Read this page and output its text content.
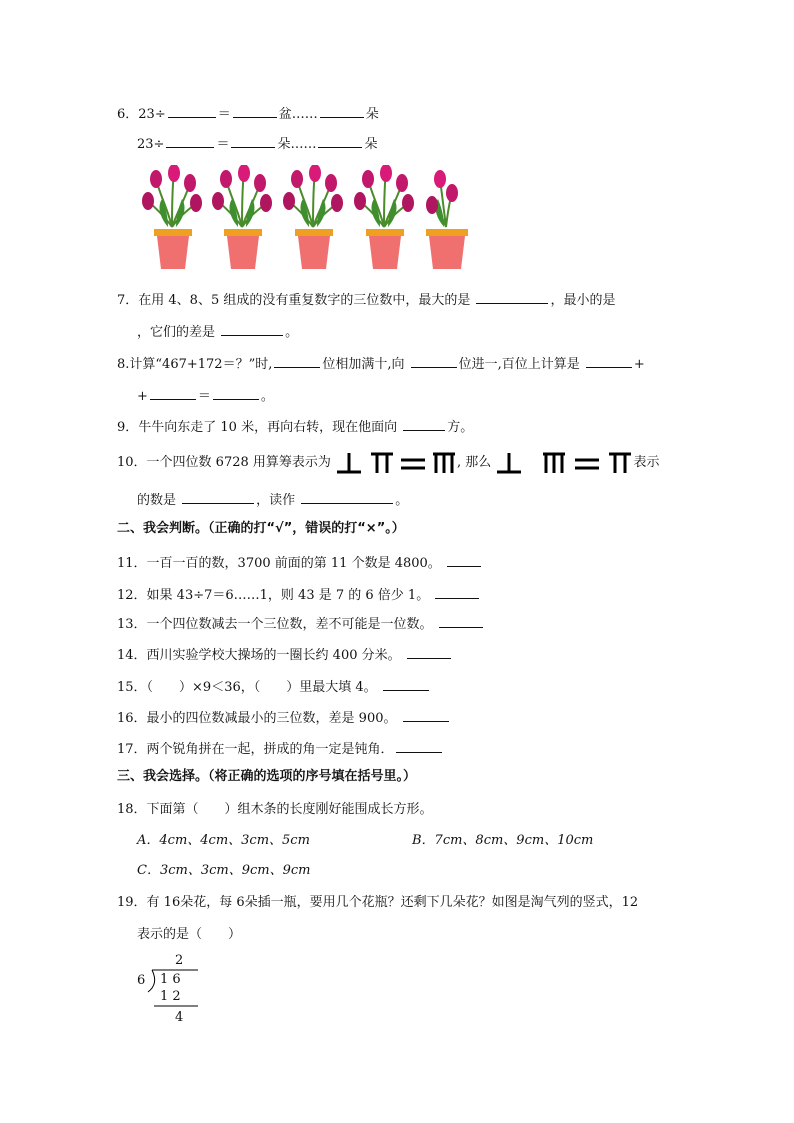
6．23÷	＝	盆……	朵
23÷	＝	朵……	朵
7．在用 4、8、5 组成的没有重复数字的三位数中，最大的是	，最小的是
，它们的差是	。
8.计算“467+172＝？”时,	位相加满十,向	位进一,百位上计算是	+
+	＝	。
9．牛牛向东走了 10 米，再向右转，现在他面向	方。
10．一个四位数 6728 用算筹表示为	, 那么	表示
的数是	，读作	。
二、我会判断。（正确的打“√”，错误的打“×”。）
11．一百一百的数，3700 前面的第 11 个数是 4800。
12．如果 43÷7＝6……1，则 43 是 7 的 6 倍少 1。
13．一个四位数减去一个三位数，差不可能是一位数。
14．西川实验学校大操场的一圈长约 400 分米。
15．（　　）×9＜36，（　　）里最大填 4。
16．最小的四位数减最小的三位数，差是 900。
17．两个锐角拼在一起，拼成的角一定是钝角．
三、我会选择。（将正确的选项的序号填在括号里。）
18．下面第（　　）组木条的长度刚好能围成长方形。
A．4cm、4cm、3cm、5cm	B．7cm、8cm、9cm、10cm
C．3cm、3cm、9cm、9cm
19．有 16朵花，每 6朵插一瓶，要用几个花瓶？还剩下几朵花？如图是淘气列的竖式，12
表示的是（　　）
2
6 1 6
1 2
4
